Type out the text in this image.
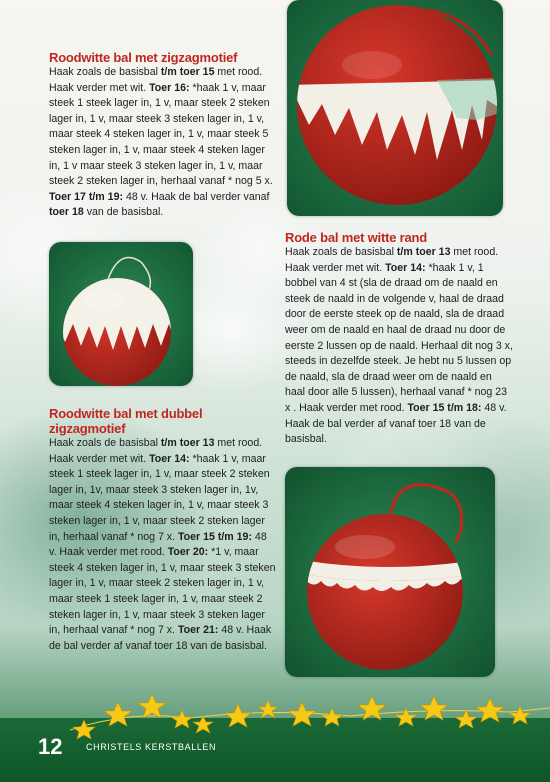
Roodwitte bal met zigzagmotief

Haak zoals de basisbal t/m toer 15 met rood. Haak verder met wit. Toer 16: *haak 1 v, maar steek 1 steek lager in, 1 v, maar steek 2 steken lager in, 1 v, maar steek 3 steken lager in, 1 v, maar steek 4 steken lager in, 1 v, maar steek 5 steken lager in, 1 v, maar steek 4 steken lager in, 1 v maar steek 3 steken lager in, 1 v, maar steek 2 steken lager in, herhaal vanaf * nog 5 x. Toer 17 t/m 19: 48 v. Haak de bal verder vanaf toer 18 van de basisbal.

Roodwitte bal met dubbel zigzagmotief

Haak zoals de basisbal t/m toer 13 met rood. Haak verder met wit. Toer 14: *haak 1 v, maar steek 1 steek lager in, 1 v, maar steek 2 steken lager in, 1v, maar steek 3 steken lager in, 1v, maar steek 4 steken lager in, 1 v, maar steek 3 steken lager in, 1 v, maar steek 2 steken lager in, herhaal vanaf * nog 7 x. Toer 15 t/m 19: 48 v. Haak verder met rood. Toer 20: *1 v, maar steek 4 steken lager in, 1 v, maar steek 3 steken lager in, 1 v, maar steek 2 steken lager in, 1 v, maar steek 1 steek lager in, 1 v, maar steek 2 steken lager in, 1 v, maar steek 3 steken lager in, herhaal vanaf * nog 7 x. Toer 21: 48 v. Haak de bal verder af vanaf toer 18 van de basisbal.

Rode bal met witte rand

Haak zoals de basisbal t/m toer 13 met rood. Haak verder met wit. Toer 14: *haak 1 v, 1 bobbel van 4 st (sla de draad om de naald en steek de naald in de volgende v, haal de draad door de eerste steek op de naald, sla de draad weer om de naald en haal de draad nu door de eerste 2 lussen op de naald. Herhaal dit nog 3 x, steeds in dezelfde steek. Je hebt nu 5 lussen op de naald, sla de draad weer om de naald en haal door alle 5 lussen), herhaal vanaf * nog 23 x . Haak verder met rood. Toer 15 t/m 18: 48 v. Haak de bal verder af vanaf toer 18 van de basisbal.

12	CHRISTELS KERSTBALLEN
